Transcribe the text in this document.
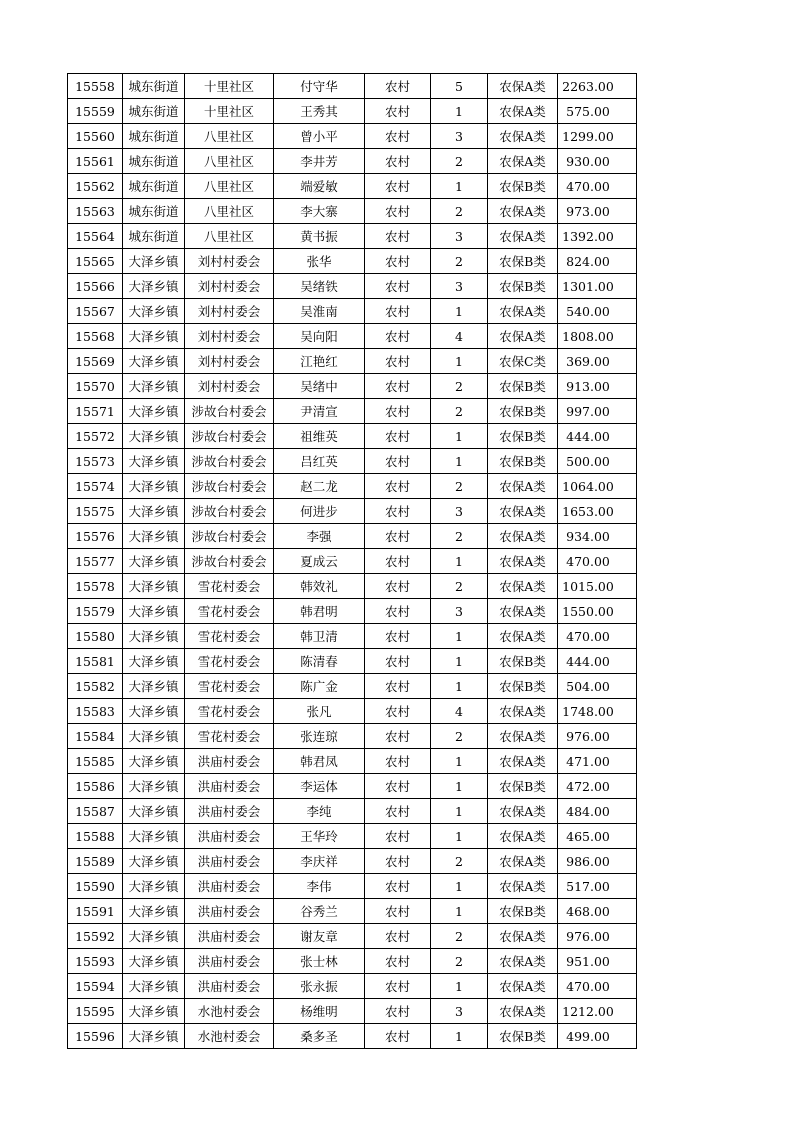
15558	城东街道	十里社区	付守华	农村	5	农保A类	2263.00
15559	城东街道	十里社区	王秀其	农村	1	农保A类	575.00
15560	城东街道	八里社区	曾小平	农村	3	农保A类	1299.00
15561	城东街道	八里社区	李井芳	农村	2	农保A类	930.00
15562	城东街道	八里社区	端爱敏	农村	1	农保B类	470.00
15563	城东街道	八里社区	李大寨	农村	2	农保A类	973.00
15564	城东街道	八里社区	黄书振	农村	3	农保A类	1392.00
15565	大泽乡镇	刘村村委会	张华	农村	2	农保B类	824.00
15566	大泽乡镇	刘村村委会	吴绪铁	农村	3	农保B类	1301.00
15567	大泽乡镇	刘村村委会	吴淮南	农村	1	农保A类	540.00
15568	大泽乡镇	刘村村委会	吴向阳	农村	4	农保A类	1808.00
15569	大泽乡镇	刘村村委会	江艳红	农村	1	农保C类	369.00
15570	大泽乡镇	刘村村委会	吴绪中	农村	2	农保B类	913.00
15571	大泽乡镇	涉故台村委会	尹清宣	农村	2	农保B类	997.00
15572	大泽乡镇	涉故台村委会	祖维英	农村	1	农保B类	444.00
15573	大泽乡镇	涉故台村委会	吕红英	农村	1	农保B类	500.00
15574	大泽乡镇	涉故台村委会	赵二龙	农村	2	农保A类	1064.00
15575	大泽乡镇	涉故台村委会	何进步	农村	3	农保A类	1653.00
15576	大泽乡镇	涉故台村委会	李强	农村	2	农保A类	934.00
15577	大泽乡镇	涉故台村委会	夏成云	农村	1	农保A类	470.00
15578	大泽乡镇	雪花村委会	韩效礼	农村	2	农保A类	1015.00
15579	大泽乡镇	雪花村委会	韩君明	农村	3	农保A类	1550.00
15580	大泽乡镇	雪花村委会	韩卫清	农村	1	农保A类	470.00
15581	大泽乡镇	雪花村委会	陈清春	农村	1	农保B类	444.00
15582	大泽乡镇	雪花村委会	陈广金	农村	1	农保B类	504.00
15583	大泽乡镇	雪花村委会	张凡	农村	4	农保A类	1748.00
15584	大泽乡镇	雪花村委会	张连琼	农村	2	农保A类	976.00
15585	大泽乡镇	洪庙村委会	韩君凤	农村	1	农保A类	471.00
15586	大泽乡镇	洪庙村委会	李运体	农村	1	农保B类	472.00
15587	大泽乡镇	洪庙村委会	李纯	农村	1	农保A类	484.00
15588	大泽乡镇	洪庙村委会	王华玲	农村	1	农保A类	465.00
15589	大泽乡镇	洪庙村委会	李庆祥	农村	2	农保A类	986.00
15590	大泽乡镇	洪庙村委会	李伟	农村	1	农保A类	517.00
15591	大泽乡镇	洪庙村委会	谷秀兰	农村	1	农保B类	468.00
15592	大泽乡镇	洪庙村委会	谢友章	农村	2	农保A类	976.00
15593	大泽乡镇	洪庙村委会	张士林	农村	2	农保A类	951.00
15594	大泽乡镇	洪庙村委会	张永振	农村	1	农保A类	470.00
15595	大泽乡镇	水池村委会	杨维明	农村	3	农保A类	1212.00
15596	大泽乡镇	水池村委会	桑多圣	农村	1	农保B类	499.00
